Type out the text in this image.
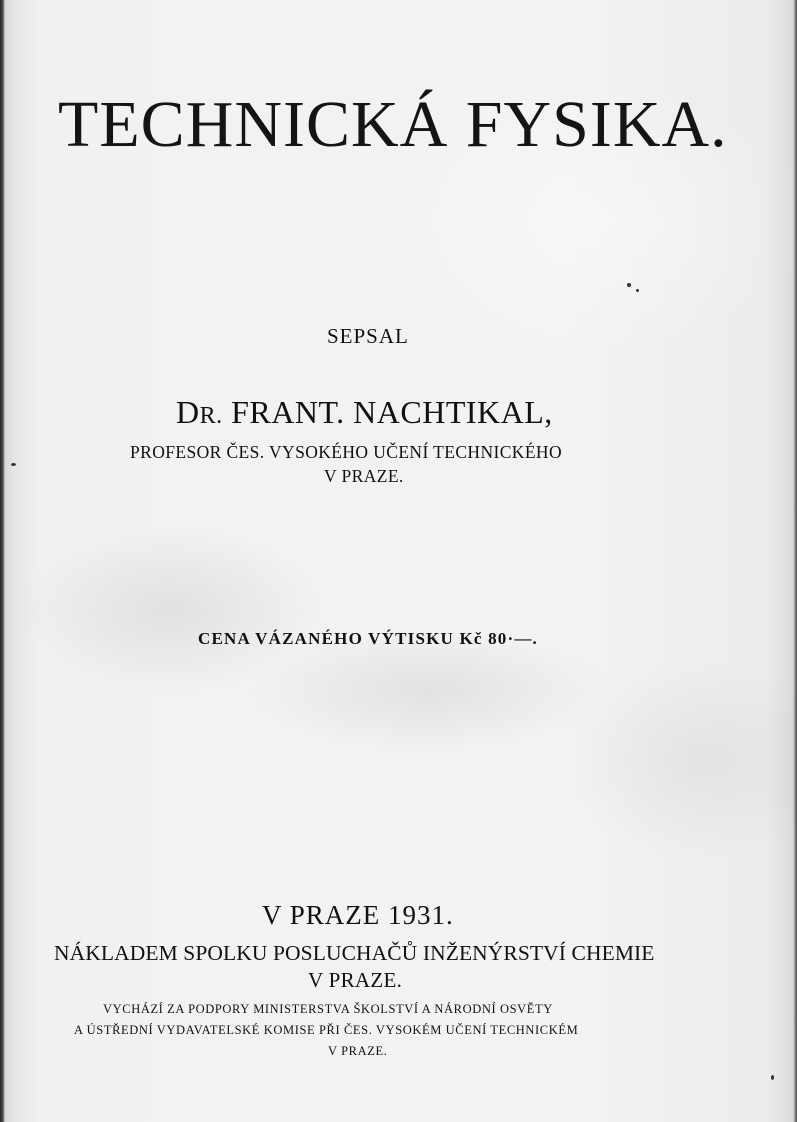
TECHNICKÁ FYSIKA.
SEPSAL
DR. FRANT. NACHTIKAL,
PROFESOR ČES. VYSOKÉHO UČENÍ TECHNICKÉHO
V PRAZE.
CENA VÁZANÉHO VÝTISKU Kč 80·—.
V PRAZE 1931.
NÁKLADEM SPOLKU POSLUCHAČŮ INŽENÝRSTVÍ CHEMIE
V PRAZE.
VYCHÁZÍ ZA PODPORY MINISTERSTVA ŠKOLSTVÍ A NÁRODNÍ OSVĚTY
A ÚSTŘEDNÍ VYDAVATELSKÉ KOMISE PŘI ČES. VYSOKÉM UČENÍ TECHNICKÉM
V PRAZE.
